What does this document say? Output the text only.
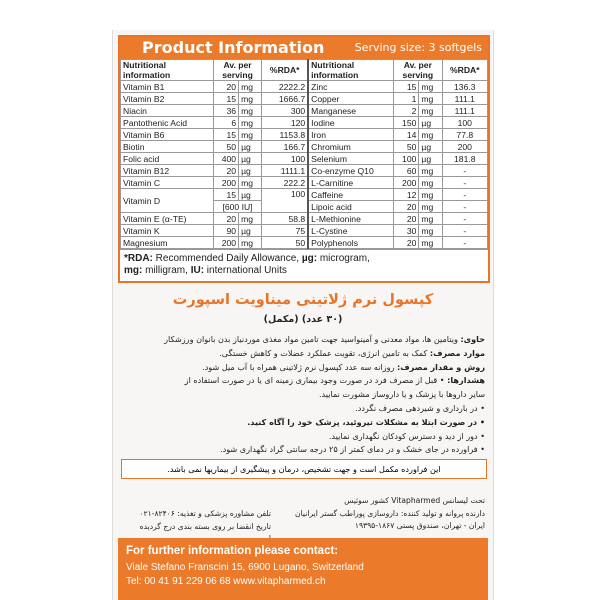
Product Information	Serving size: 3 softgels
Nutritional information	Av. per serving		%RDA*	Nutritional information	Av. per serving		%RDA*
Vitamin B1	20	mg	2222.2	Zinc	15	mg	136.3
Vitamin B2	15	mg	1666.7	Copper	1	mg	111.1
Niacin	36	mg	300	Manganese	2	mg	111.1
Pantothenic Acid	6	mg	120	Iodine	150	µg	100
Vitamin B6	15	mg	1153.8	Iron	14	mg	77.8
Biotin	50	µg	166.7	Chromium	50	µg	200
Folic acid	400	µg	100	Selenium	100	µg	181.8
Vitamin B12	20	µg	1111.1	Co-enzyme Q10	60	mg	-
Vitamin C	200	mg	222.2	L-Carnitine	200	mg	-
Vitamin D	15	µg	100	Caffeine	12	mg	-
	[600 IU]			Lipoic acid	20	mg	-
Vitamin E (α-TE)	20	mg	58.8	L-Methionine	20	mg	-
Vitamin K	90	µg	75	L-Cystine	30	mg	-
Magnesium	200	mg	50	Polyphenols	20	mg	-
*RDA: Recommended Daily Allowance, µg: microgram,
mg: milligram, IU: international Units
کپسول نرم ژلاتینی میناویت اسپورت
(۳۰ عدد) (مکمل)

حاوی: ویتامین ها، مواد معدنی و آمینواسید جهت تامین مواد مغذی موردنیاز بدن بانوان ورزشکار

موارد مصرف: کمک به تامین انرژی، تقویت عملکرد عضلات و کاهش خستگی.

روش و مقدار مصرف: روزانه سه عدد کپسول نرم ژلاتینی همراه با آب میل شود.

هشدارها: • قبل از مصرف فرد در صورت وجود بیماری زمینه ای یا در صورت استفاده از

سایر داروها با پزشک و یا داروساز مشورت نمایید.

• در بارداری و شیردهی مصرف نگردد.

• در صورت ابتلا به مشکلات تیروئید، پزشک خود را آگاه کنید.

• دور از دید و دسترس کودکان نگهداری نمایید.

• فراورده در جای خشک و در دمای کمتر از ۲۵ درجه سانتی گراد نگهداری شود.

این فراورده مکمل است و جهت تشخیص، درمان و پیشگیری از بیماریها نمی باشد.
تحت لیسانس Vitapharmed کشور سوئیس
دارنده پروانه و تولید کننده: داروسازی پوراطب گستر ایرانیان
ایران - تهران، صندوق پستی ۱۸۶۷-۱۹۳۹۵
تلفن مشاوره پزشکی و تغذیه: ۸۲۴۰۶-۰۲۱
تاریخ انقضا بر روی بسته بندی درج گردیده
For further information please contact:
Viale Stefano Franscini 15, 6900 Lugano, Switzerland
Tel: 00 41 91 229 06 68 www.vitapharmed.ch
